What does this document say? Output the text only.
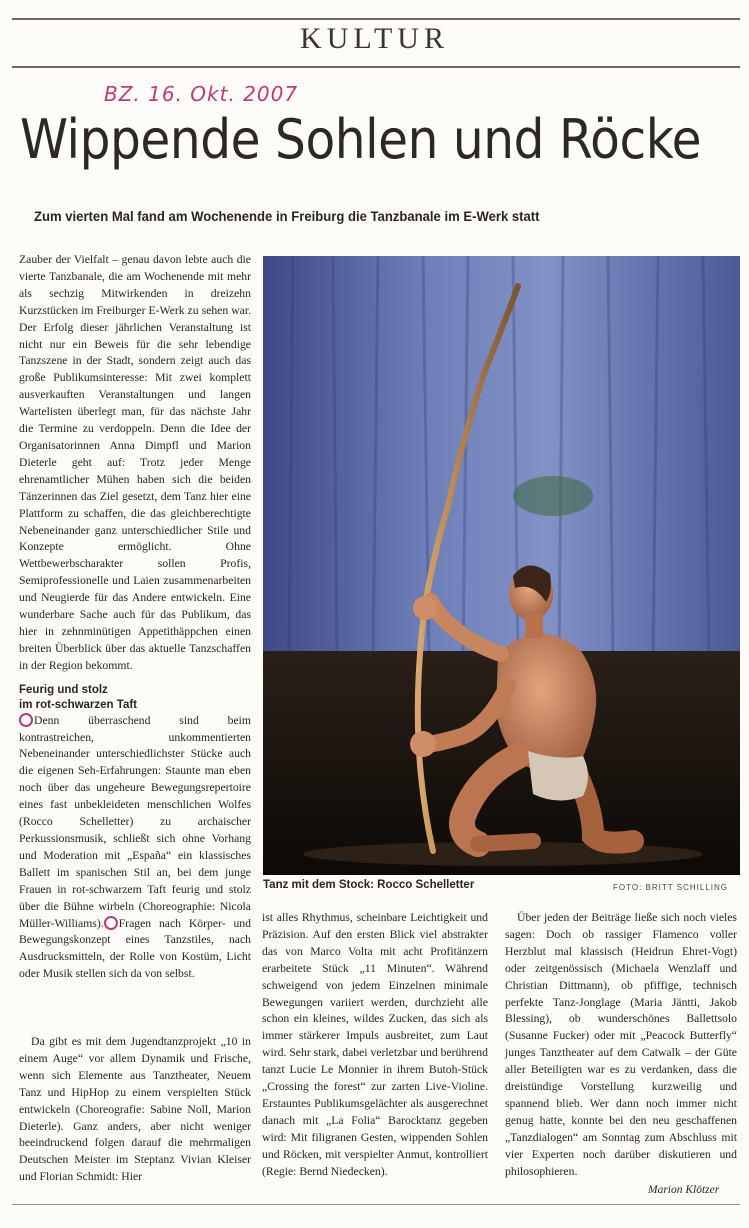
KULTUR
BZ. 16. Okt. 2007
Wippende Sohlen und Röcke
Zum vierten Mal fand am Wochenende in Freiburg die Tanzbanale im E-Werk statt

Zauber der Vielfalt – genau davon lebte auch die vierte Tanzbanale, die am Wochenende mit mehr als sechzig Mitwirkenden in dreizehn Kurzstücken im Freiburger E-Werk zu sehen war. Der Erfolg dieser jährlichen Veranstaltung ist nicht nur ein Beweis für die sehr lebendige Tanzszene in der Stadt, sondern zeigt auch das große Publikumsinteresse: Mit zwei komplett ausverkauften Veranstaltungen und langen Wartelisten überlegt man, für das nächste Jahr die Termine zu verdoppeln. Denn die Idee der Organisatorinnen Anna Dimpfl und Marion Dieterle geht auf: Trotz jeder Menge ehrenamtlicher Mühen haben sich die beiden Tänzerinnen das Ziel gesetzt, dem Tanz hier eine Plattform zu schaffen, die das gleichberechtigte Nebeneinander ganz unterschiedlicher Stile und Konzepte ermöglicht. Ohne Wettbewerbscharakter sollen Profis, Semiprofessionelle und Laien zusammenarbeiten und Neugierde für das Andere entwickeln. Eine wunderbare Sache auch für das Publikum, das hier in zehnminütigen Appetithäppchen einen breiten Überblick über das aktuelle Tanzschaffen in der Region bekommt.

Feurig und stolz
im rot-schwarzen Taft

Denn überraschend sind beim kontrastreichen, unkommentierten Nebeneinander unterschiedlichster Stücke auch die eigenen Seh-Erfahrungen: Staunte man eben noch über das ungeheure Bewegungsrepertoire eines fast unbekleideten menschlichen Wolfes (Rocco Schelletter) zu archaischer Perkussionsmusik, schließt sich ohne Vorhang und Moderation mit „España“ ein klassisches Ballett im spanischen Stil an, bei dem junge Frauen in rot-schwarzem Taft feurig und stolz über die Bühne wirbeln (Choreographie: Nicola Müller-Williams). Fragen nach Körper- und Bewegungskonzept eines Tanzstiles, nach Ausdrucksmitteln, der Rolle von Kostüm, Licht oder Musik stellen sich da von selbst.

Da gibt es mit dem Jugendtanzprojekt „10 in einem Auge“ vor allem Dynamik und Frische, wenn sich Elemente aus Tanztheater, Neuem Tanz und HipHop zu einem verspielten Stück entwickeln (Choreografie: Sabine Noll, Marion Dieterle). Ganz anders, aber nicht weniger beeindruckend folgen darauf die mehrmaligen Deutschen Meister im Steptanz Vivian Kleiser und Florian Schmidt: Hier

Tanz mit dem Stock: Rocco Schelletter	FOTO: BRITT SCHILLING

ist alles Rhythmus, scheinbare Leichtigkeit und Präzision. Auf den ersten Blick viel abstrakter das von Marco Volta mit acht Profitänzern erarbeitete Stück „11 Minuten“. Während schweigend von jedem Einzelnen minimale Bewegungen variiert werden, durchzieht alle schon ein kleines, wildes Zucken, das sich als immer stärkerer Impuls ausbreitet, zum Laut wird. Sehr stark, dabei verletzbar und berührend tanzt Lucie Le Monnier in ihrem Butoh-Stück „Crossing the forest“ zur zarten Live-Violine. Erstauntes Publikumsgelächter als ausgerechnet danach mit „La Folia“ Barocktanz gegeben wird: Mit filigranen Gesten, wippenden Sohlen und Röcken, mit verspielter Anmut, kontrolliert (Regie: Bernd Niedecken).

Über jeden der Beiträge ließe sich noch vieles sagen: Doch ob rassiger Flamenco voller Herzblut mal klassisch (Heidrun Ehret-Vogt) oder zeitgenössisch (Michaela Wenzlaff und Christian Dittmann), ob pfiffige, technisch perfekte Tanz-Jonglage (Maria Jäntti, Jakob Blessing), ob wunderschönes Ballettsolo (Susanne Fucker) oder mit „Peacock Butterfly“ junges Tanztheater auf dem Catwalk – der Güte aller Beteiligten war es zu verdanken, dass die dreistündige Vorstellung kurzweilig und spannend blieb. Wer dann noch immer nicht genug hatte, konnte bei den neu geschaffenen „Tanzdialogen“ am Sonntag zum Abschluss mit vier Experten noch darüber diskutieren und philosophieren.

Marion Klötzer
